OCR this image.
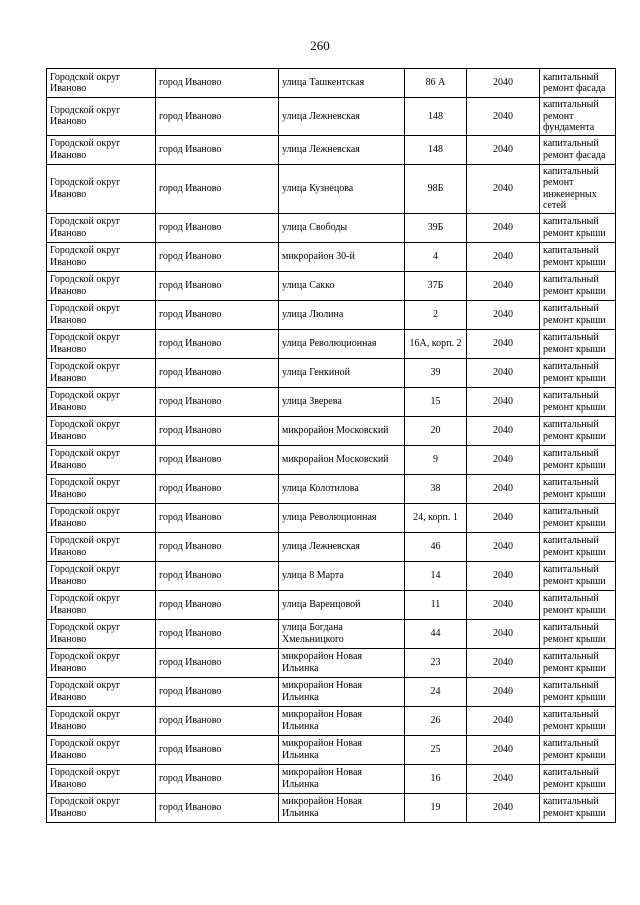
260
Городской округ Иваново	город Иваново	улица Ташкентская	86 А	2040	капитальный ремонт фасада
Городской округ Иваново	город Иваново	улица Лежневская	148	2040	капитальный ремонт фундамента
Городской округ Иваново	город Иваново	улица Лежневская	148	2040	капитальный ремонт фасада
Городской округ Иваново	город Иваново	улица Кузнецова	98Б	2040	капитальный ремонт инженерных сетей
Городской округ Иваново	город Иваново	улица Свободы	39Б	2040	капитальный ремонт крыши
Городской округ Иваново	город Иваново	микрорайон 30-й	4	2040	капитальный ремонт крыши
Городской округ Иваново	город Иваново	улица Сакко	37Б	2040	капитальный ремонт крыши
Городской округ Иваново	город Иваново	улица Люлина	2	2040	капитальный ремонт крыши
Городской округ Иваново	город Иваново	улица Революционная	16А, корп. 2	2040	капитальный ремонт крыши
Городской округ Иваново	город Иваново	улица Генкиной	39	2040	капитальный ремонт крыши
Городской округ Иваново	город Иваново	улица Зверева	15	2040	капитальный ремонт крыши
Городской округ Иваново	город Иваново	микрорайон Московский	20	2040	капитальный ремонт крыши
Городской округ Иваново	город Иваново	микрорайон Московский	9	2040	капитальный ремонт крыши
Городской округ Иваново	город Иваново	улица Колотилова	38	2040	капитальный ремонт крыши
Городской округ Иваново	город Иваново	улица Революционная	24, корп. 1	2040	капитальный ремонт крыши
Городской округ Иваново	город Иваново	улица Лежневская	46	2040	капитальный ремонт крыши
Городской округ Иваново	город Иваново	улица 8 Марта	14	2040	капитальный ремонт крыши
Городской округ Иваново	город Иваново	улица Варенцовой	11	2040	капитальный ремонт крыши
Городской округ Иваново	город Иваново	улица Богдана Хмельницкого	44	2040	капитальный ремонт крыши
Городской округ Иваново	город Иваново	микрорайон Новая Ильинка	23	2040	капитальный ремонт крыши
Городской округ Иваново	город Иваново	микрорайон Новая Ильинка	24	2040	капитальный ремонт крыши
Городской округ Иваново	город Иваново	микрорайон Новая Ильинка	26	2040	капитальный ремонт крыши
Городской округ Иваново	город Иваново	микрорайон Новая Ильинка	25	2040	капитальный ремонт крыши
Городской округ Иваново	город Иваново	микрорайон Новая Ильинка	16	2040	капитальный ремонт крыши
Городской округ Иваново	город Иваново	микрорайон Новая Ильинка	19	2040	капитальный ремонт крыши
